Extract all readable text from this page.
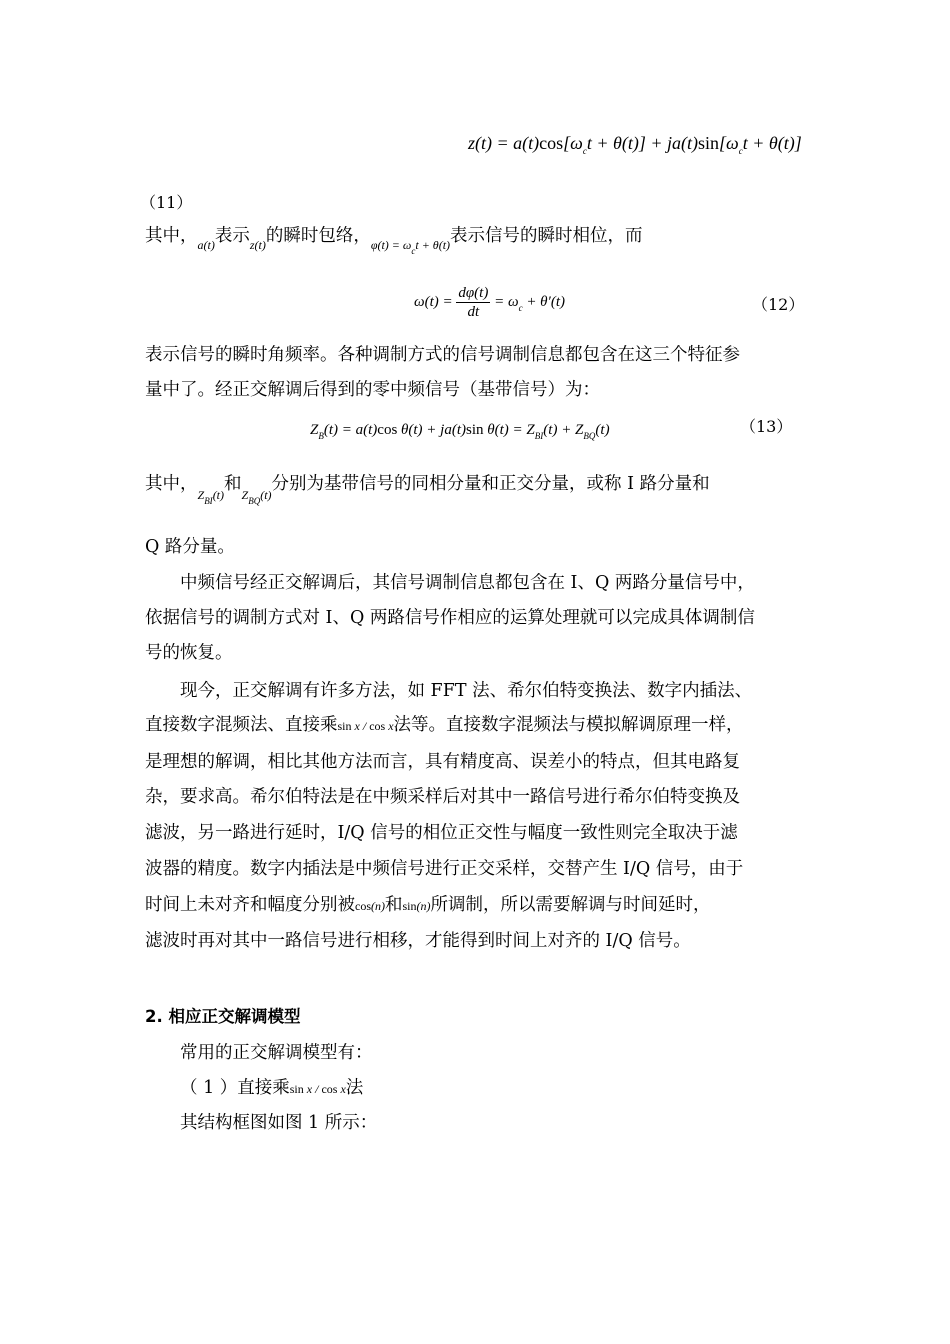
$z(t) = a(t)\cos[\omega_ct + \theta(t)] + ja(t)\sin[\omega_ct + \theta(t)]$
（11）
其中，$_{a(t)}$表示$_{z(t)}$的瞬时包络，$_{\varphi(t) = \omega_ct + \theta(t)}$表示信号的瞬时相位，而
$\omega(t) = \frac{d\varphi(t)}{dt} = \omega_c + \theta'(t)$	（12）
表示信号的瞬时角频率。各种调制方式的信号调制信息都包含在这三个特征参
量中了。经正交解调后得到的零中频信号（基带信号）为：
$Z_B(t) = a(t)\cos$ θ(t) + ja(t)sin $\theta(t) = Z_{BI}(t) + Z_{BQ}(t)$	（13）
其中，$_{Z_{BI}(t)}$和$_{Z_{BQ}(t)}$分别为基带信号的同相分量和正交分量，或称 I 路分量和
Q 路分量。
中频信号经正交解调后，其信号调制信息都包含在 I、Q 两路分量信号中，
依据信号的调制方式对 I、Q 两路信号作相应的运算处理就可以完成具体调制信
号的恢复。
现今，正交解调有许多方法，如 FFT 法、希尔伯特变换法、数字内插法、
直接数字混频法、直接乘sin x / cos x法等。直接数字混频法与模拟解调原理一样，
是理想的解调，相比其他方法而言，具有精度高、误差小的特点，但其电路复
杂，要求高。希尔伯特法是在中频采样后对其中一路信号进行希尔伯特变换及
滤波，另一路进行延时，I/Q 信号的相位正交性与幅度一致性则完全取决于滤
波器的精度。数字内插法是中频信号进行正交采样，交替产生 I/Q 信号，由于
时间上未对齐和幅度分别被cos(n)和sin(n)所调制，所以需要解调与时间延时，
滤波时再对其中一路信号进行相移，才能得到时间上对齐的 I/Q 信号。
2. 相应正交解调模型
常用的正交解调模型有：
（ 1 ）直接乘sin x / cos x法
其结构框图如图 1 所示：
